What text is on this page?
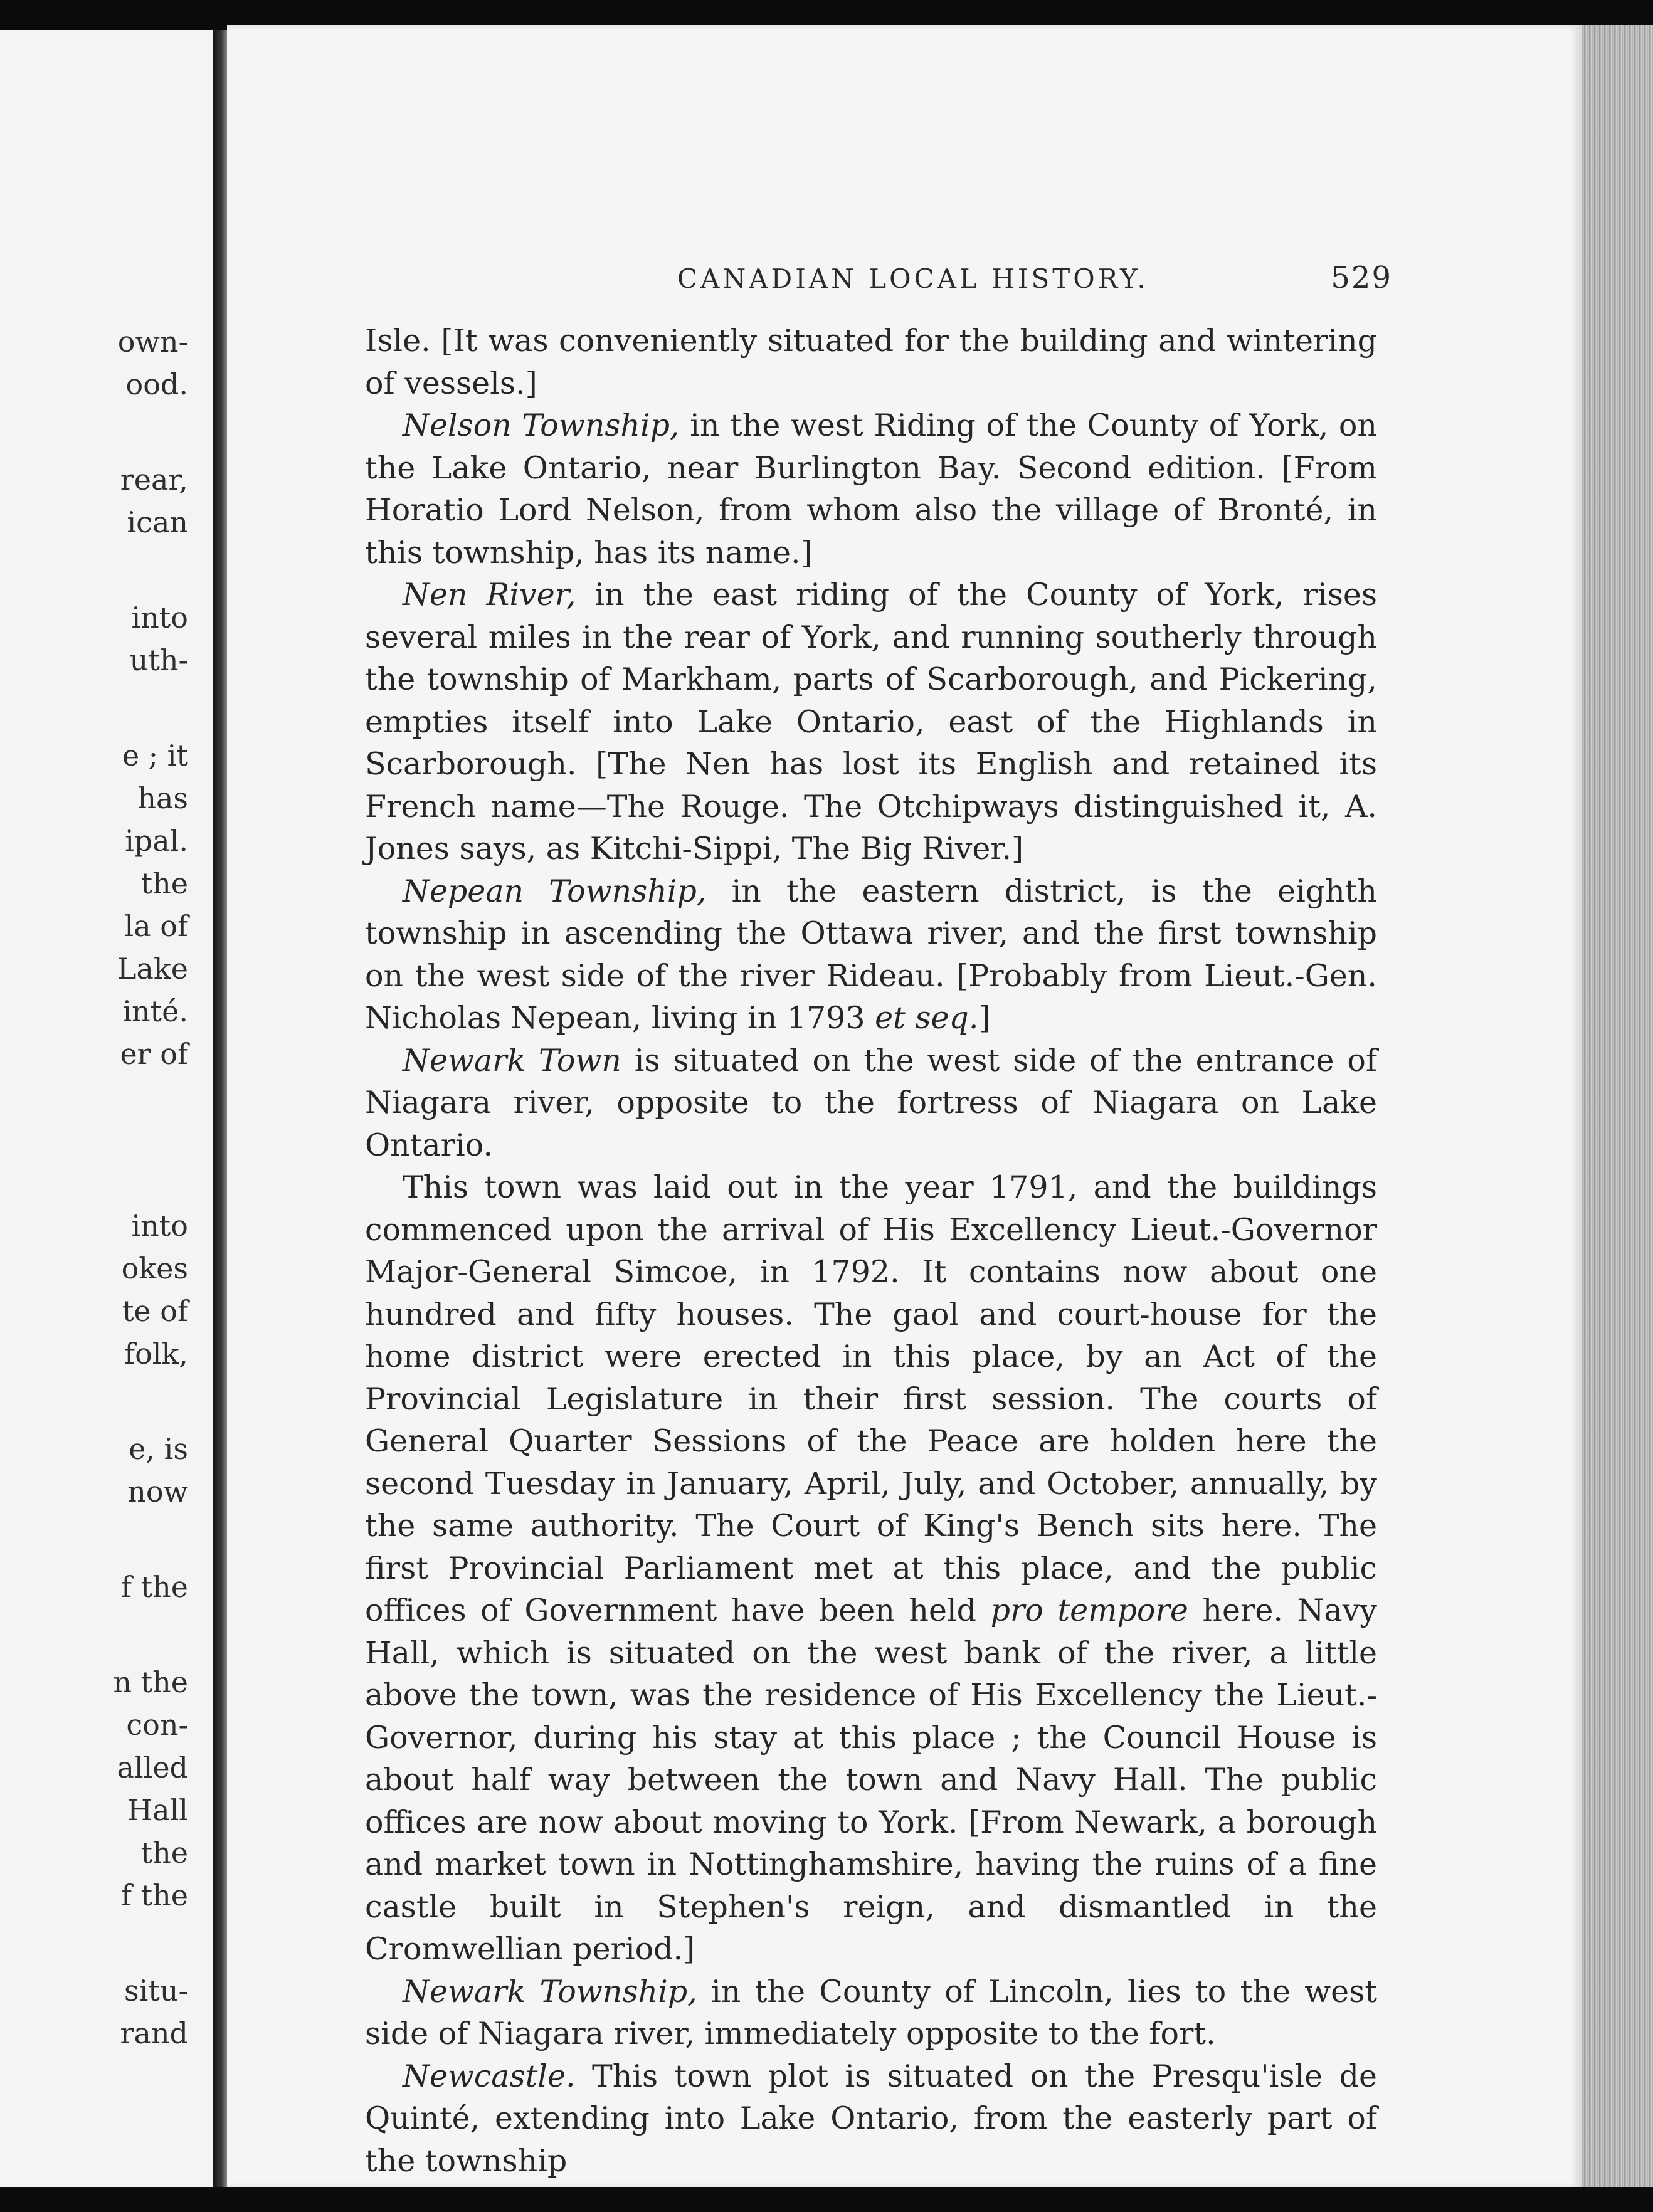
own-
ood.
rear,
ican
into
uth-
e ; it
has
ipal.
the
la of
Lake
inté.
er of
into
okes
te of
folk,
e, is
now
f the
n the
con-
alled
Hall
the
f the
situ-
rand
CANADIAN LOCAL HISTORY.	529

Isle. [It was conveniently situated for the building and wintering of vessels.]

Nelson Township, in the west Riding of the County of York, on the Lake Ontario, near Burlington Bay. Second edition. [From Horatio Lord Nelson, from whom also the village of Bronté, in this township, has its name.]

Nen River, in the east riding of the County of York, rises several miles in the rear of York, and running southerly through the township of Markham, parts of Scarborough, and Pickering, empties itself into Lake Ontario, east of the Highlands in Scarborough. [The Nen has lost its English and retained its French name—The Rouge. The Otchipways distinguished it, A. Jones says, as Kitchi-Sippi, The Big River.]

Nepean Township, in the eastern district, is the eighth township in ascending the Ottawa river, and the first township on the west side of the river Rideau. [Probably from Lieut.-Gen. Nicholas Nepean, living in 1793 et seq.]

Newark Town is situated on the west side of the entrance of Niagara river, opposite to the fortress of Niagara on Lake Ontario.

This town was laid out in the year 1791, and the buildings commenced upon the arrival of His Excellency Lieut.-Governor Major-General Simcoe, in 1792. It contains now about one hundred and fifty houses. The gaol and court-house for the home district were erected in this place, by an Act of the Provincial Legislature in their first session. The courts of General Quarter Sessions of the Peace are holden here the second Tuesday in January, April, July, and October, annually, by the same authority. The Court of King's Bench sits here. The first Provincial Parliament met at this place, and the public offices of Government have been held pro tempore here. Navy Hall, which is situated on the west bank of the river, a little above the town, was the residence of His Excellency the Lieut.-Governor, during his stay at this place ; the Council House is about half way between the town and Navy Hall. The public offices are now about moving to York. [From Newark, a borough and market town in Nottinghamshire, having the ruins of a fine castle built in Stephen's reign, and dismantled in the Cromwellian period.]

Newark Township, in the County of Lincoln, lies to the west side of Niagara river, immediately opposite to the fort.

Newcastle. This town plot is situated on the Presqu'isle de Quinté, extending into Lake Ontario, from the easterly part of the township
